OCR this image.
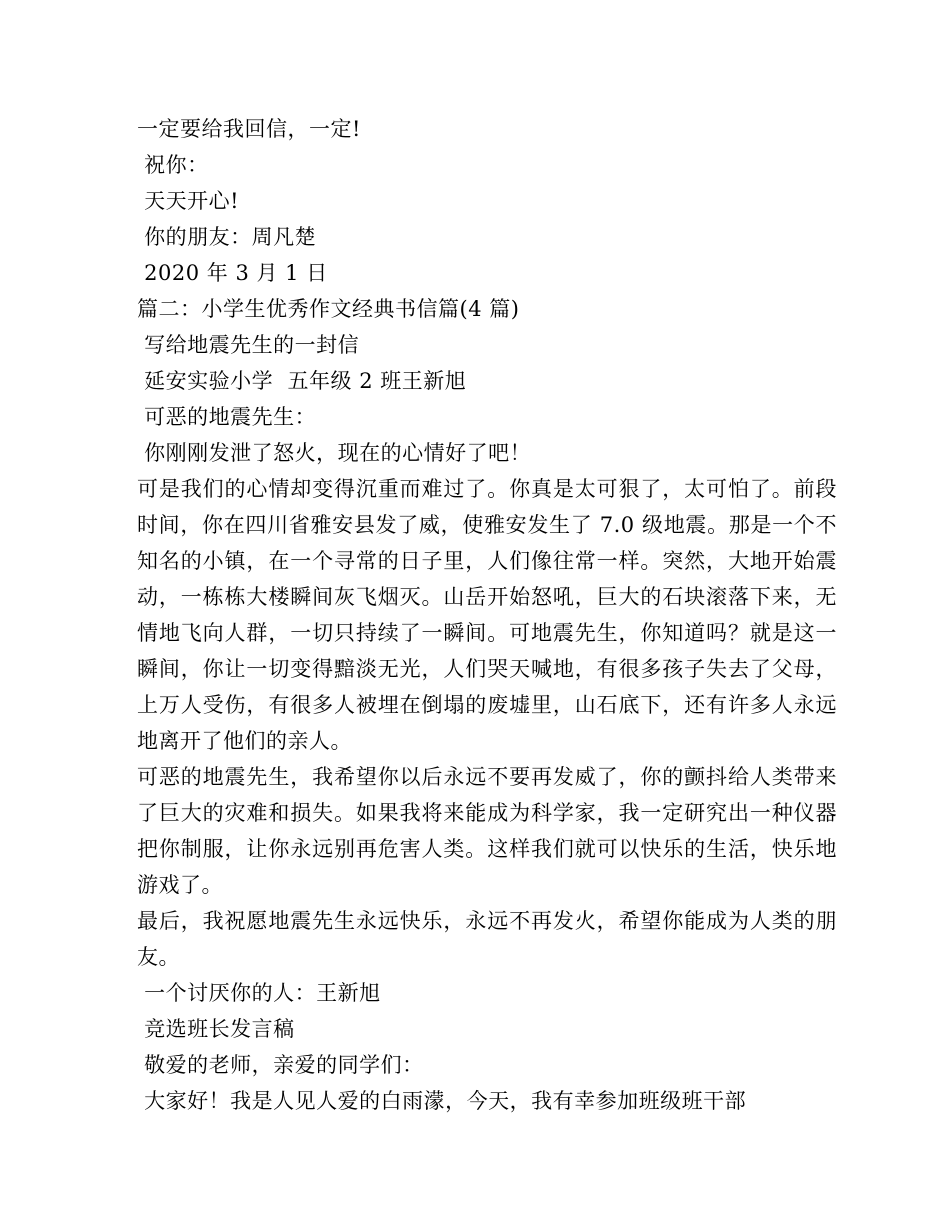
一定要给我回信，一定!
祝你：
天天开心!
你的朋友：周凡楚
2020 年 3 月 1 日
篇二：小学生优秀作文经典书信篇(4 篇)
写给地震先生的一封信
延安实验小学  五年级 2 班王新旭
可恶的地震先生：
你刚刚发泄了怒火，现在的心情好了吧！

可是我们的心情却变得沉重而难过了。你真是太可狠了，太可怕了。前段时间，你在四川省雅安县发了威，使雅安发生了 7.0 级地震。那是一个不知名的小镇，在一个寻常的日子里，人们像往常一样。突然，大地开始震动，一栋栋大楼瞬间灰飞烟灭。山岳开始怒吼，巨大的石块滚落下来，无情地飞向人群，一切只持续了一瞬间。可地震先生，你知道吗？就是这一瞬间，你让一切变得黯淡无光，人们哭天喊地，有很多孩子失去了父母，上万人受伤，有很多人被埋在倒塌的废墟里，山石底下，还有许多人永远地离开了他们的亲人。

可恶的地震先生，我希望你以后永远不要再发威了，你的颤抖给人类带来了巨大的灾难和损失。如果我将来能成为科学家，我一定研究出一种仪器把你制服，让你永远别再危害人类。这样我们就可以快乐的生活，快乐地游戏了。

最后，我祝愿地震先生永远快乐，永远不再发火，希望你能成为人类的朋友。

一个讨厌你的人：王新旭
竞选班长发言稿
敬爱的老师，亲爱的同学们：
大家好！我是人见人爱的白雨濛，今天，我有幸参加班级班干部
